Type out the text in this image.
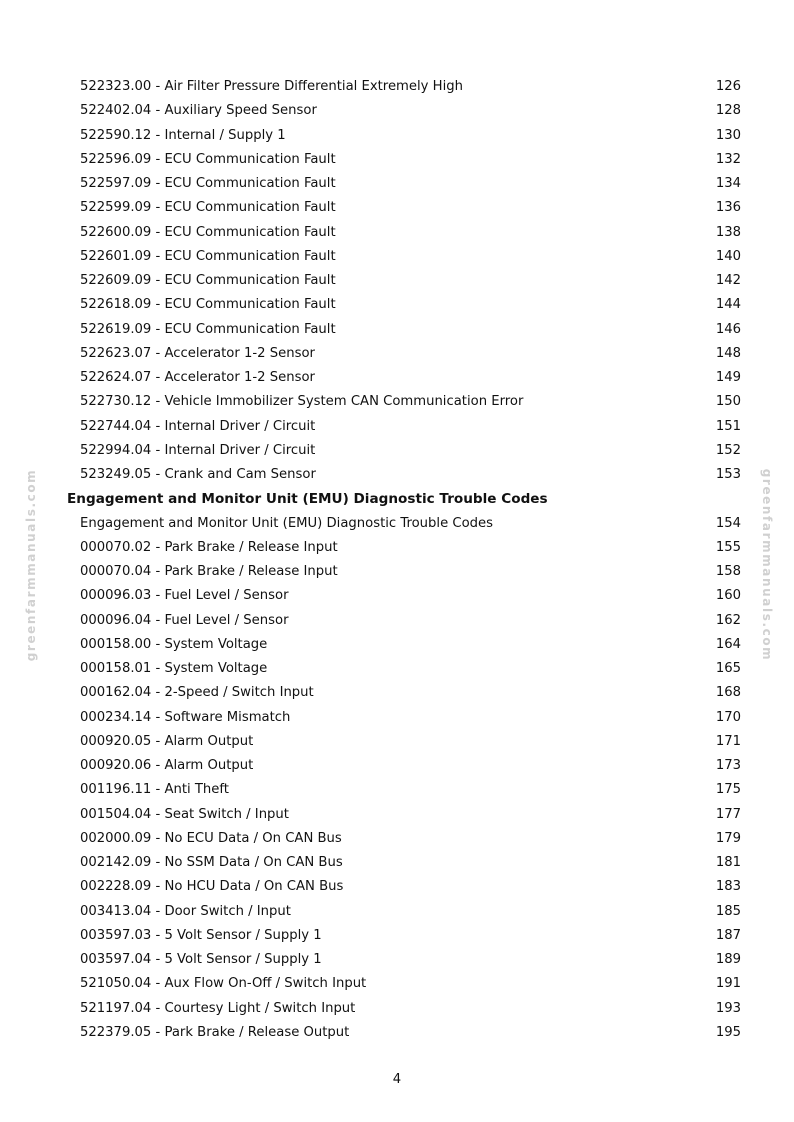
greenfarmmanuals.com	greenfarmmanuals.com
522323.00 - Air Filter Pressure Differential Extremely High	126
522402.04 - Auxiliary Speed Sensor	128
522590.12 - Internal / Supply 1	130
522596.09 - ECU Communication Fault	132
522597.09 - ECU Communication Fault	134
522599.09 - ECU Communication Fault	136
522600.09 - ECU Communication Fault	138
522601.09 - ECU Communication Fault	140
522609.09 - ECU Communication Fault	142
522618.09 - ECU Communication Fault	144
522619.09 - ECU Communication Fault	146
522623.07 - Accelerator 1-2 Sensor	148
522624.07 - Accelerator 1-2 Sensor	149
522730.12 - Vehicle Immobilizer System CAN Communication Error	150
522744.04 - Internal Driver / Circuit	151
522994.04 - Internal Driver / Circuit	152
523249.05 - Crank and Cam Sensor	153
Engagement and Monitor Unit (EMU) Diagnostic Trouble Codes
Engagement and Monitor Unit (EMU) Diagnostic Trouble Codes	154
000070.02 - Park Brake / Release Input	155
000070.04 - Park Brake / Release Input	158
000096.03 - Fuel Level / Sensor	160
000096.04 - Fuel Level / Sensor	162
000158.00 - System Voltage	164
000158.01 - System Voltage	165
000162.04 - 2-Speed / Switch Input	168
000234.14 - Software Mismatch	170
000920.05 - Alarm Output	171
000920.06 - Alarm Output	173
001196.11 - Anti Theft	175
001504.04 - Seat Switch / Input	177
002000.09 - No ECU Data / On CAN Bus	179
002142.09 - No SSM Data / On CAN Bus	181
002228.09 - No HCU Data / On CAN Bus	183
003413.04 - Door Switch / Input	185
003597.03 - 5 Volt Sensor / Supply 1	187
003597.04 - 5 Volt Sensor / Supply 1	189
521050.04 - Aux Flow On-Off / Switch Input	191
521197.04 - Courtesy Light / Switch Input	193
522379.05 - Park Brake / Release Output	195
4
